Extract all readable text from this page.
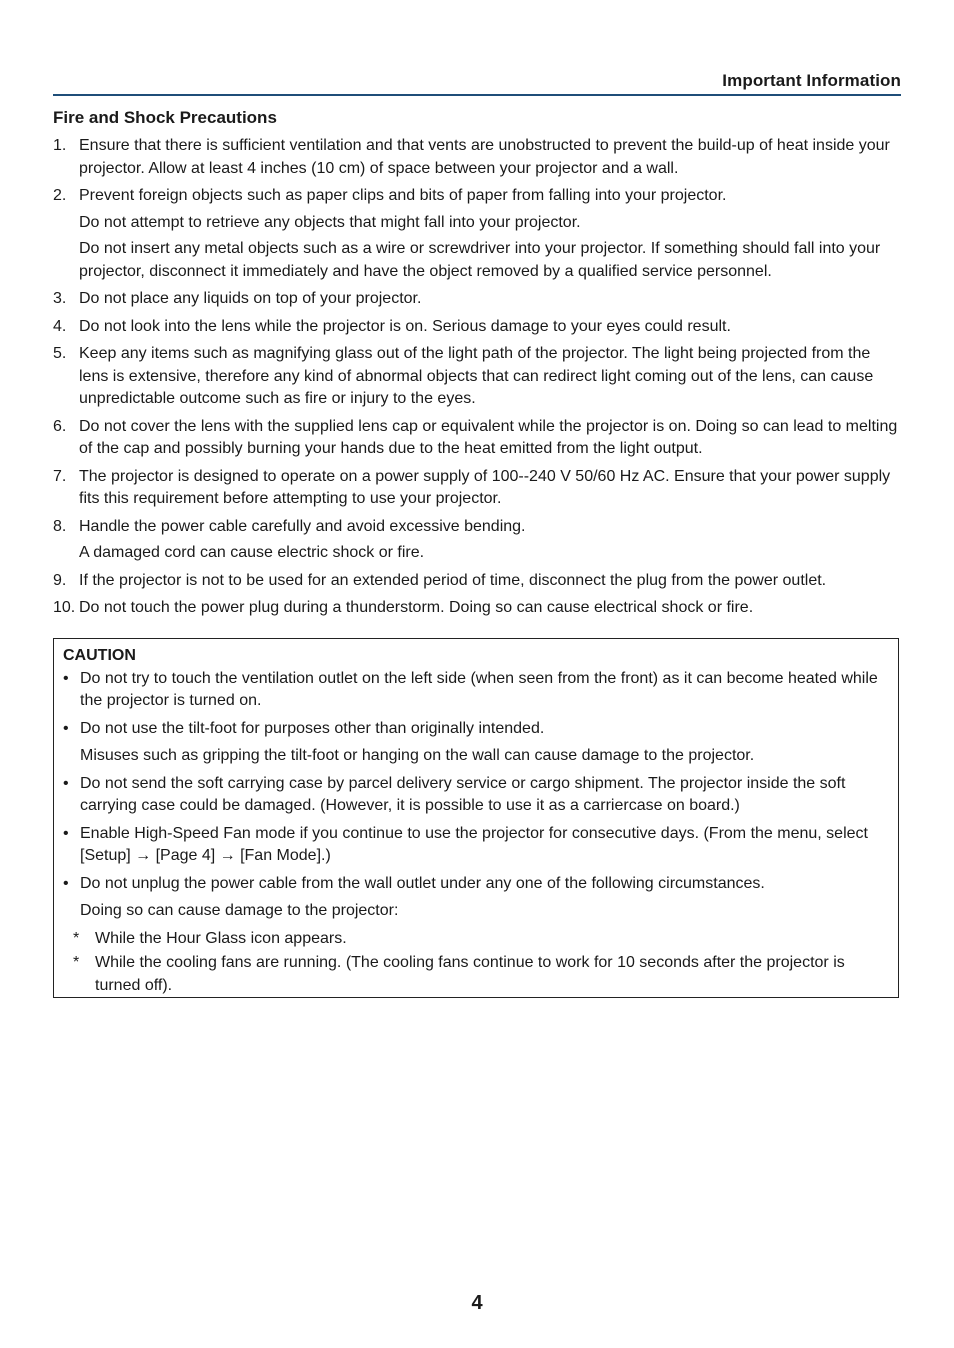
Important Information
Fire and Shock Precautions
1. Ensure that there is sufficient ventilation and that vents are unobstructed to prevent the build-up of heat inside your projector. Allow at least 4 inches (10 cm) of space between your projector and a wall.
2. Prevent foreign objects such as paper clips and bits of paper from falling into your projector.
Do not attempt to retrieve any objects that might fall into your projector.
Do not insert any metal objects such as a wire or screwdriver into your projector. If something should fall into your projector, disconnect it immediately and have the object removed by a qualified service personnel.
3. Do not place any liquids on top of your projector.
4. Do not look into the lens while the projector is on. Serious damage to your eyes could result.
5. Keep any items such as magnifying glass out of the light path of the projector. The light being projected from the lens is extensive, therefore any kind of abnormal objects that can redirect light coming out of the lens, can cause unpredictable outcome such as fire or injury to the eyes.
6. Do not cover the lens with the supplied lens cap or equivalent while the projector is on. Doing so can lead to melting of the cap and possibly burning your hands due to the heat emitted from the light output.
7. The projector is designed to operate on a power supply of 100--240 V 50/60 Hz AC. Ensure that your power supply fits this requirement before attempting to use your projector.
8. Handle the power cable carefully and avoid excessive bending.
A damaged cord can cause electric shock or fire.
9. If the projector is not to be used for an extended period of time, disconnect the plug from the power outlet.
10. Do not touch the power plug during a thunderstorm. Doing so can cause electrical shock or fire.
CAUTION
• Do not try to touch the ventilation outlet on the left side (when seen from the front) as it can become heated while the projector is turned on.
• Do not use the tilt-foot for purposes other than originally intended.
Misuses such as gripping the tilt-foot or hanging on the wall can cause damage to the projector.
• Do not send the soft carrying case by parcel delivery service or cargo shipment. The projector inside the soft carrying case could be damaged. (However, it is possible to use it as a carriercase on board.)
• Enable High-Speed Fan mode if you continue to use the projector for consecutive days. (From the menu, select [Setup] → [Page 4] → [Fan Mode].)
• Do not unplug the power cable from the wall outlet under any one of the following circumstances.
Doing so can cause damage to the projector:
* While the Hour Glass icon appears.
* While the cooling fans are running. (The cooling fans continue to work for 10 seconds after the projector is turned off).
4
